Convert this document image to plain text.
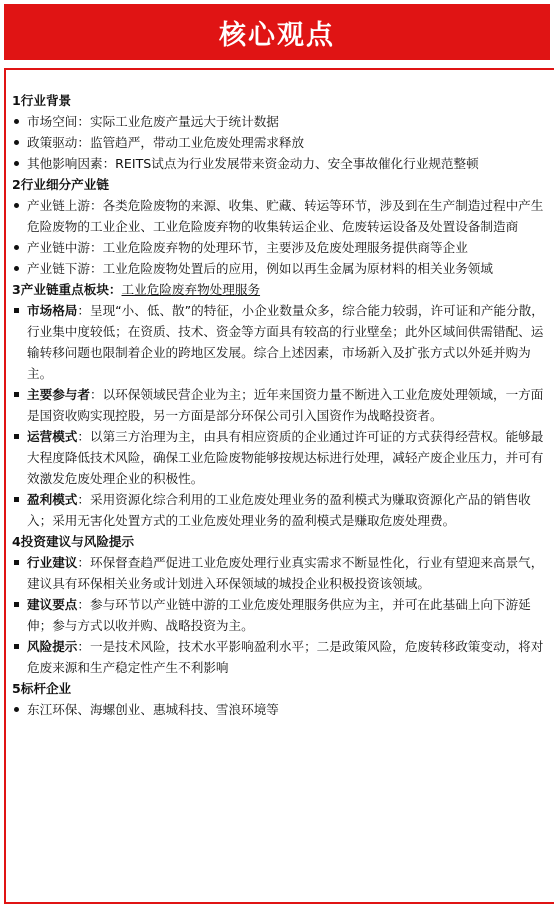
核心观点

1行业背景

市场空间：实际工业危废产量远大于统计数据
政策驱动：监管趋严，带动工业危废处理需求释放
其他影响因素：REITS试点为行业发展带来资金动力、安全事故催化行业规范整顿

2行业细分产业链

产业链上游：各类危险废物的来源、收集、贮藏、转运等环节，涉及到在生产制造过程中产生危险废物的工业企业、工业危险废弃物的收集转运企业、危废转运设备及处置设备制造商
产业链中游：工业危险废弃物的处理环节，主要涉及危废处理服务提供商等企业
产业链下游：工业危险废物处置后的应用，例如以再生金属为原材料的相关业务领域

3产业链重点板块：工业危险废弃物处理服务

市场格局：呈现“小、低、散”的特征，小企业数量众多，综合能力较弱，许可证和产能分散，行业集中度较低；在资质、技术、资金等方面具有较高的行业壁垒；此外区域间供需错配、运输转移问题也限制着企业的跨地区发展。综合上述因素，市场新入及扩张方式以外延并购为主。
主要参与者：以环保领域民营企业为主；近年来国资力量不断进入工业危废处理领域，一方面是国资收购实现控股，另一方面是部分环保公司引入国资作为战略投资者。
运营模式：以第三方治理为主，由具有相应资质的企业通过许可证的方式获得经营权。能够最大程度降低技术风险，确保工业危险废物能够按规达标进行处理，减轻产废企业压力，并可有效激发危废处理企业的积极性。
盈利模式：采用资源化综合利用的工业危废处理业务的盈利模式为赚取资源化产品的销售收入；采用无害化处置方式的工业危废处理业务的盈利模式是赚取危废处理费。

4投资建议与风险提示

行业建议：环保督查趋严促进工业危废处理行业真实需求不断显性化，行业有望迎来高景气，建议具有环保相关业务或计划进入环保领域的城投企业积极投资该领域。
建议要点：参与环节以产业链中游的工业危废处理服务供应为主，并可在此基础上向下游延伸；参与方式以收并购、战略投资为主。
风险提示：一是技术风险，技术水平影响盈利水平；二是政策风险，危废转移政策变动，将对危废来源和生产稳定性产生不利影响

5标杆企业

东江环保、海螺创业、惠城科技、雪浪环境等
